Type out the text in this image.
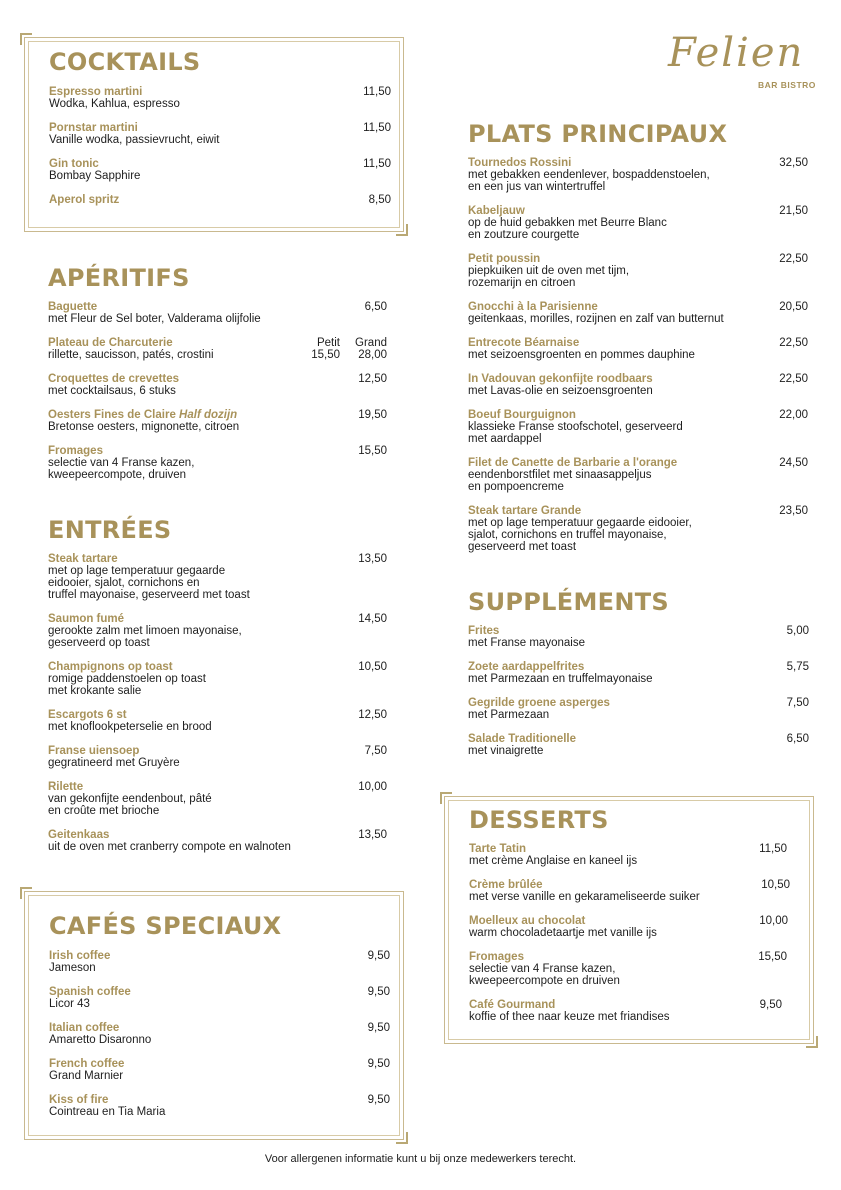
Felien
BAR BISTRO
COCKTAILS
Espresso martini
Wodka, Kahlua, espresso
11,50
Pornstar martini
Vanille wodka, passievrucht, eiwit
11,50
Gin tonic
Bombay Sapphire
11,50
Aperol spritz	8,50
APÉRITIFS
Baguette
met Fleur de Sel boter, Valderama olijfolie
6,50
Plateau de Charcuterie
rillette, saucisson, patés, crostini
Petit Grand
15,50 28,00
Croquettes de crevettes
met cocktailsaus, 6 stuks
12,50
Oesters Fines de Claire Half dozijn
Bretonse oesters, mignonette, citroen
19,50
Fromages
selectie van 4 Franse kazen,
kweepeercompote, druiven
15,50
ENTRÉES
Steak tartare
met op lage temperatuur gegaarde
eidooier, sjalot, cornichons en
truffel mayonaise, geserveerd met toast
13,50
Saumon fumé
gerookte zalm met limoen mayonaise,
geserveerd op toast
14,50
Champignons op toast
romige paddenstoelen op toast
met krokante salie
10,50
Escargots 6 st
met knoflookpeterselie en brood
12,50
Franse uiensoep
gegratineerd met Gruyère
7,50
Rilette
van gekonfijte eendenbout, pâté
en croûte met brioche
10,00
Geitenkaas
uit de oven met cranberry compote en walnoten
13,50
CAFÉS SPECIAUX
Irish coffee
Jameson
9,50
Spanish coffee
Licor 43
9,50
Italian coffee
Amaretto Disaronno
9,50
French coffee
Grand Marnier
9,50
Kiss of fire
Cointreau en Tia Maria
9,50
PLATS PRINCIPAUX
Tournedos Rossini
met gebakken eendenlever, bospaddenstoelen,
en een jus van wintertruffel
32,50
Kabeljauw
op de huid gebakken met Beurre Blanc
en zoutzure courgette
21,50
Petit poussin
piepkuiken uit de oven met tijm,
rozemarijn en citroen
22,50
Gnocchi à la Parisienne
geitenkaas, morilles, rozijnen en zalf van butternut
20,50
Entrecote Béarnaise
met seizoensgroenten en pommes dauphine
22,50
In Vadouvan gekonfijte roodbaars
met Lavas-olie en seizoensgroenten
22,50
Boeuf Bourguignon
klassieke Franse stoofschotel, geserveerd
met aardappel
22,00
Filet de Canette de Barbarie a l'orange
eendenborstfilet met sinaasappeljus
en pompoencreme
24,50
Steak tartare Grande
met op lage temperatuur gegaarde eidooier,
sjalot, cornichons en truffel mayonaise,
geserveerd met toast
23,50
SUPPLÉMENTS
Frites
met Franse mayonaise
5,00
Zoete aardappelfrites
met Parmezaan en truffelmayonaise
5,75
Gegrilde groene asperges
met Parmezaan
7,50
Salade Traditionelle
met vinaigrette
6,50
DESSERTS
Tarte Tatin
met crème Anglaise en kaneel ijs
11,50
Crème brûlée
met verse vanille en gekarameliseerde suiker
10,50
Moelleux au chocolat
warm chocoladetaartje met vanille ijs
10,00
Fromages
selectie van 4 Franse kazen,
kweepeercompote en druiven
15,50
Café Gourmand
koffie of thee naar keuze met friandises
9,50
Voor allergenen informatie kunt u bij onze medewerkers terecht.
